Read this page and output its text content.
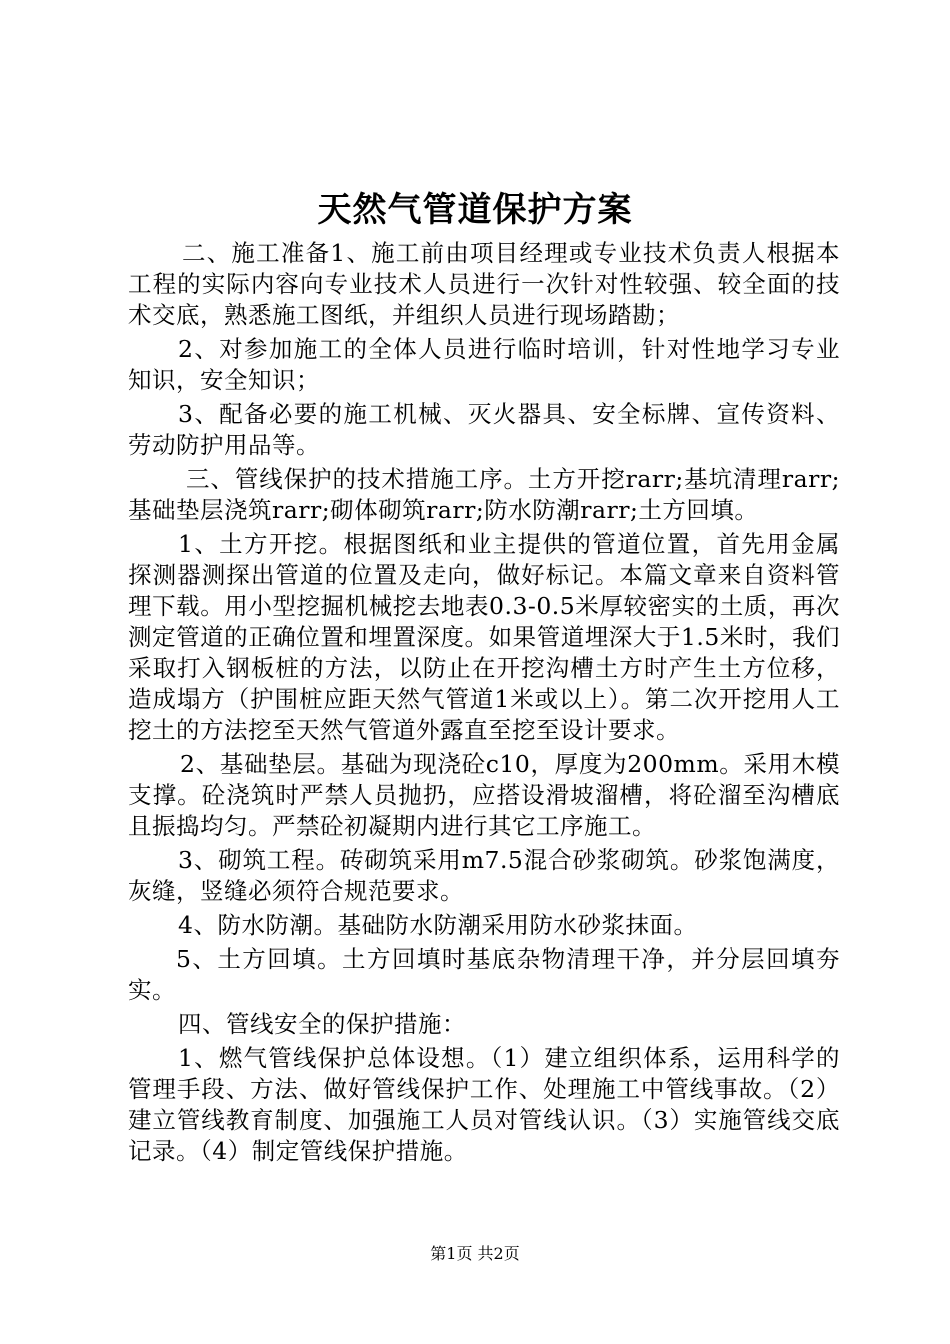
天然气管道保护方案

二、施工准备1、施工前由项目经理或专业技术负责人根据本工程的实际内容向专业技术人员进行一次针对性较强、较全面的技术交底，熟悉施工图纸，并组织人员进行现场踏勘；

2、对参加施工的全体人员进行临时培训，针对性地学习专业知识，安全知识；

3、配备必要的施工机械、灭火器具、安全标牌、宣传资料、劳动防护用品等。

三、管线保护的技术措施工序。土方开挖rarr;基坑清理rarr;基础垫层浇筑rarr;砌体砌筑rarr;防水防潮rarr;土方回填。

1、土方开挖。根据图纸和业主提供的管道位置，首先用金属探测器测探出管道的位置及走向，做好标记。本篇文章来自资料管理下载。用小型挖掘机械挖去地表0.3-0.5米厚较密实的土质，再次测定管道的正确位置和埋置深度。如果管道埋深大于1.5米时，我们采取打入钢板桩的方法，以防止在开挖沟槽土方时产生土方位移，造成塌方（护围桩应距天然气管道1米或以上）。第二次开挖用人工挖土的方法挖至天然气管道外露直至挖至设计要求。

2、基础垫层。基础为现浇砼c10，厚度为200mm。采用木模支撑。砼浇筑时严禁人员抛扔，应搭设滑坡溜槽，将砼溜至沟槽底且振捣均匀。严禁砼初凝期内进行其它工序施工。

3、砌筑工程。砖砌筑采用m7.5混合砂浆砌筑。砂浆饱满度，灰缝，竖缝必须符合规范要求。

4、防水防潮。基础防水防潮采用防水砂浆抹面。

5、土方回填。土方回填时基底杂物清理干净，并分层回填夯实。

四、管线安全的保护措施：

1、燃气管线保护总体设想。（1）建立组织体系，运用科学的管理手段、方法、做好管线保护工作、处理施工中管线事故。（2）建立管线教育制度、加强施工人员对管线认识。（3）实施管线交底记录。（4）制定管线保护措施。

第1页 共2页
